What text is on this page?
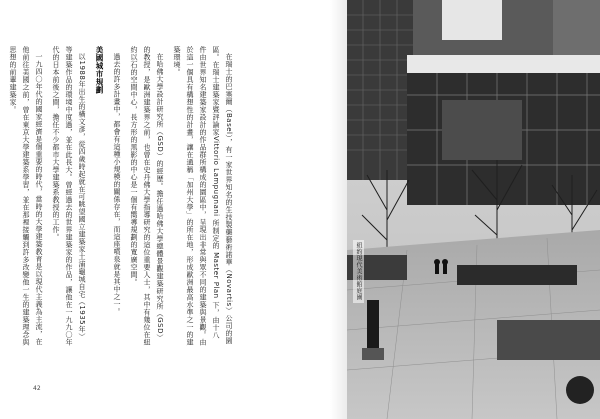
在瑞士的巴塞爾（Basel），有一家世界知名的生技製藥藝術諾華（Novartis）公司的園區。在瑞士建築家暨評論家Vittorio Lampugnani 所制定的 Master Plan 下，由十八件由世界知名建築家設計的作品群所構成的園區中，呈現出非常與眾不同的建築與景觀。由於這一個具有構想性的計畫，讓在通稱「加州大學」的所在地，形成歐洲最高水準之一的建築環境。

在哈佛大學設計研究所（GSD）的經歷。擔任過哈佛大學總體景觀建築研究所（GSD）的教授，是歐洲建築界之前，也曾在史丹佛大學指導研究的這位重要人士，其中有幾位在紐約以石的空間中心，長方形的黑影的中心是一個有嚮導規劃的寬廣空間。

過去的許多計畫中，都會有這種小規模的關係存在，而這座噴泉就是其中之一。

美國城市規劃

以1988年出生的橫文彥，從四歲時起就在可眺望國立建築家土浦龜城自宅（1935年）等建築作品的環境中度過，並在此長大。曾經過去的世界建築家的作品，讓他在一九九〇年代的日本前後之間，擔任不少都市大學建築系教授的工作。

一九四〇年代的國家經濟是個重要的時代，當時的大學建築教育是以現代主義為主流，在他前往美國之前，曾在東京大學建築系學習，並在那裡接觸到許多改變他一生的建築理念與思想的前輩建築家。

42
紐約現代美術館庭園
